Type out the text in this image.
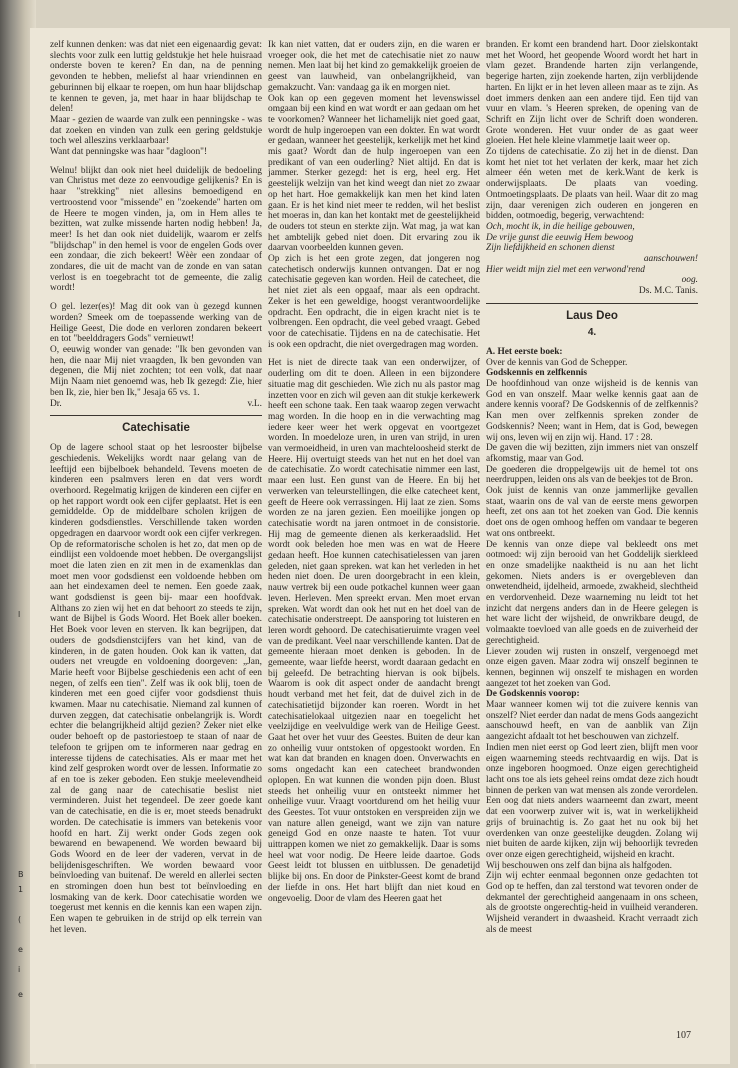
l
B
1
(
e
i
e

zelf kunnen denken: was dat niet een eigenaardig gevat: slechts voor zulk een luttig geldstukje het hele huisraad onderste boven te keren? En dan, na de penning gevonden te hebben, meliefst al haar vriendinnen en geburinnen bij elkaar te roepen, om hun haar blijdschap te kennen te geven, ja, met haar in haar blijdschap te delen!

Maar - gezien de waarde van zulk een penningske - was dat zoeken en vinden van zulk een gering geldstukje toch wel alleszins verklaarbaar!

Want dat penningske was haar "dagloon"!

Welnu! blijkt dan ook niet heel duidelijk de bedoeling van Christus met deze zo eenvoudige gelijkenis? En is haar "strekking" niet allesins bemoedigend en vertroostend voor "missende" en "zoekende" harten om de Heere te mogen vinden, ja, om in Hem alles te bezitten, wat zulke missende harten nodig hebben! Ja, meer! Is het dan ook niet duidelijk, waarom er zelfs "blijdschap" in den hemel is voor de engelen Gods over een zondaar, die zich bekeert! Wèèr een zondaar of zondares, die uit de macht van de zonde en van satan verlost is en toegebracht tot de gemeente, die zalig wordt!

O gel. lezer(es)! Mag dit ook van ù gezegd kunnen worden? Smeek om de toepassende werking van de Heilige Geest, Die dode en verloren zondaren bekeert en tot "beelddragers Gods" vernieuwt!

O, eeuwig wonder van genade: "Ik ben gevonden van hen, die naar Mij niet vraagden, Ik ben gevonden van degenen, die Mij niet zochten; tot een volk, dat naar Mijn Naam niet genoemd was, heb Ik gezegd: Zie, hier ben Ik, zie, hier ben Ik," Jesaja 65 vs. 1.

Dr.	v.L.
Catechisatie

Op de lagere school staat op het lesrooster bijbelse geschiedenis. Wekelijks wordt naar gelang van de leeftijd een bijbelboek behandeld. Tevens moeten de kinderen een psalmvers leren en dat vers wordt overhoord. Regelmatig krijgen de kinderen een cijfer en op het rapport wordt ook een cijfer geplaatst. Het is een gemiddelde. Op de middelbare scholen krijgen de kinderen godsdienstles. Verschillende taken worden opgedragen en daarvoor wordt ook een cijfer verkregen. Op de reformatorische scholen is het zo, dat men op de eindlijst een voldoende moet hebben. De overgangslijst moet die laten zien en zit men in de examenklas dan moet men voor godsdienst een voldoende hebben om aan het eindexamen deel te nemen. Een goede zaak, want godsdienst is geen bij- maar een hoofdvak. Althans zo zien wij het en dat behoort zo steeds te zijn, want de Bijbel is Gods Woord. Het Boek aller boeken. Het Boek voor leven en sterven. Ik kan begrijpen, dat ouders de godsdienstcijfers van het kind, van de kinderen, in de gaten houden. Ook kan ik vatten, dat ouders net vreugde en voldoening doorgeven: „Jan, Marie heeft voor Bijbelse geschiedenis een acht of een negen, of zelfs een tien". Zelf was ik ook blij, toen de kinderen met een goed cijfer voor godsdienst thuis kwamen. Maar nu catechisatie. Niemand zal kunnen of durven zeggen, dat catechisatie onbelangrijk is. Wordt echter die belangrijkheid altijd gezien? Zeker niet elke ouder behoeft op de pastoriestoep te staan of naar de telefoon te grijpen om te informeren naar gedrag en interesse tijdens de catechisaties. Als er maar met het kind zelf gesproken wordt over de lessen. Informatie zo af en toe is zeker geboden. Een stukje meelevendheid zal de gang naar de catechisatie beslist niet verminderen. Juist het tegendeel. De zeer goede kant van de catechisatie, en die is er, moet steeds benadrukt worden. De catechisatie is immers van betekenis voor hoofd en hart. Zij werkt onder Gods zegen ook bewarend en bewapenend. We worden bewaard bij Gods Woord en de leer der vaderen, vervat in de belijdenisgeschriften. We worden bewaard voor beïnvloeding van buitenaf. De wereld en allerlei secten en stromingen doen hun best tot beïnvloeding en losmaking van de kerk. Door catechisatie worden we toegerust met kennis en die kennis kan een wapen zijn. Een wapen te gebruiken in de strijd op elk terrein van het leven.

Ik kan niet vatten, dat er ouders zijn, en die waren er vroeger ook, die het met de catechisatie niet zo nauw nemen. Men laat bij het kind zo gemakkelijk groeien de geest van lauwheid, van onbelangrijkheid, van gemakzucht. Van: vandaag ga ik en morgen niet.

Ook kan op een gegeven moment het levenswissel omgaan bij een kind en wat wordt er aan gedaan om het te voorkomen? Wanneer het lichamelijk niet goed gaat, wordt de hulp ingeroepen van een dokter. En wat wordt er gedaan, wanneer het geestelijk, kerkelijk met het kind mis gaat? Wordt dan de hulp ingeroepen van een predikant of van een ouderling? Niet altijd. En dat is jammer. Sterker gezegd: het is erg, heel erg. Het geestelijk welzijn van het kind weegt dan niet zo zwaar op het hart. Hoe gemakkelijk kan men het kind laten gaan. Er is het kind niet meer te redden, wil het beslist het moeras in, dan kan het kontakt met de geestelijkheid de ouders tot steun en sterkte zijn. Wat mag, ja wat kan het ambtelijk gebed niet doen. Dit ervaring zou ik daarvan voorbeelden kunnen geven.

Op zich is het een grote zegen, dat jongeren nog catechetisch onderwijs kunnen ontvangen. Dat er nog catechisatie gegeven kan worden. Heil de catecheet, die het niet ziet als een opgaaf, maar als een opdracht. Zeker is het een geweldige, hoogst verantwoordelijke opdracht. Een opdracht, die in eigen kracht niet is te volbrengen. Een opdracht, die veel gebed vraagt. Gebed voor de catechisatie. Tijdens en na de catechisatie. Het is ook een opdracht, die niet overgedragen mag worden.

Het is niet de directe taak van een onderwijzer, of ouderling om dit te doen. Alleen in een bijzondere situatie mag dit geschieden. Wie zich nu als pastor mag inzetten voor en zich wil geven aan dit stukje kerkewerk heeft een schone taak. Een taak waarop zegen verwacht mag worden. In die hoop en in die verwachting mag iedere keer weer het werk opgevat en voortgezet worden. In moedeloze uren, in uren van strijd, in uren van vermoeidheid, in uren van machteloosheid sterkt de Heere. Hij overtuigt steeds van het nut en het doel van de catechisatie. Zo wordt catechisatie nimmer een last, maar een lust. Een gunst van de Heere. En bij het verwerken van teleurstellingen, die elke catecheet kent, geeft de Heere ook verrassingen. Hij laat ze zien. Soms worden ze na jaren gezien. Een moeilijke jongen op catechisatie wordt na jaren ontmoet in de consistorie. Hij mag de gemeente dienen als kerkeraadslid. Het wordt ook beleden hoe men was en wat de Heere gedaan heeft. Hoe kunnen catechisatielessen van jaren geleden, niet gaan spreken. wat kan het verleden in het heden niet doen. De uren doorgebracht in een klein, nauw vertrek bij een oude potkachel kunnen weer gaan leven. Herleven. Men spreekt ervan. Men moet ervan spreken. Wat wordt dan ook het nut en het doel van de catechisatie onderstreept. De aansporing tot luisteren en leren wordt gehoord. De catechisatieruimte vragen veel van de predikant. Veel naar verschillende kanten. Dat de gemeente hieraan moet denken is geboden. In de gemeente, waar liefde heerst, wordt daaraan gedacht en bij geleefd. De betrachting hiervan is ook bijbels. Waarom is ook dit aspect onder de aandacht brengt houdt verband met het feit, dat de duivel zich in de catechisatietijd bijzonder kan roeren. Wordt in het catechisatielokaal uitgezien naar en toegelicht het veelzijdige en veelvuldige werk van de Heilige Geest. Gaat het over het vuur des Geestes. Buiten de deur kan zo onheilig vuur ontstoken of opgestookt worden. En wat kan dat branden en knagen doen. Onverwachts en soms ongedacht kan een catecheet brandwonden oplopen. En wat kunnen die wonden pijn doen. Blust steeds het onheilig vuur en ontsteekt nimmer het onheilige vuur. Vraagt voortdurend om het heilig vuur des Geestes. Tot vuur ontstoken en verspreiden zijn we van nature allen geneigd, want we zijn van nature geneigd God en onze naaste te haten. Tot vuur uittrappen komen we niet zo gemakkelijk. Daar is soms heel wat voor nodig. De Heere leide daartoe. Gods Geest leidt tot blussen en uitblussen. De genadetijd blijke bij ons. En door de Pinkster-Geest komt de brand der liefde in ons. Het hart blijft dan niet koud en ongevoelig. Door de vlam des Heeren gaat het

branden. Er komt een brandend hart. Door zielskontakt met het Woord, het geopende Woord wordt het hart in vlam gezet. Brandende harten zijn verlangende, begerige harten, zijn zoekende harten, zijn verblijdende harten. En lijkt er in het leven alleen maar as te zijn. As doet immers denken aan een andere tijd. Een tijd van vuur en vlam. 's Heeren spreken, de opening van de Schrift en Zijn licht over de Schrift doen wonderen. Grote wonderen. Het vuur onder de as gaat weer gloeien. Het hele kleine vlammetje laait weer op.

Zo tijdens de catechisatie. Zo zij het in de dienst. Dan komt het niet tot het verlaten der kerk, maar het zich almeer één weten met de kerk.Want de kerk is onderwijsplaats. De plaats van voeding. Ontmoetingsplaats. De plaats van heil. Waar dit zo mag zijn, daar verenigen zich ouderen en jongeren en bidden, ootmoedig, begerig, verwachtend:

Och, mocht ik, in die heilige gebouwen,
De vrije gunst die eeuwig Hem bewoog
Zijn liefdijkheid en schonen dienst
aanschouwen!
Hier weidt mijn ziel met een verwond'rend
oog.

Ds. M.C. Tanis.

Laus Deo
4.

A. Het eerste boek:

Over de kennis van God de Schepper.

Godskennis en zelfkennis

De hoofdinhoud van onze wijsheid is de kennis van God en van onszelf. Maar welke kennis gaat aan de andere kennis vooraf? De Godskennis of de zelfkennis? Kan men over zelfkennis spreken zonder de Godskennis? Neen; want in Hem, dat is God, bewegen wij ons, leven wij en zijn wij. Hand. 17 : 28.

De gaven die wij bezitten, zijn immers niet van onszelf afkomstig, maar van God.

De goederen die droppelgewijs uit de hemel tot ons neerdruppen, leiden ons als van de beekjes tot de Bron.

Ook juist de kennis van onze jammerlijke gevallen staat, waarin ons de val van de eerste mens geworpen heeft, zet ons aan tot het zoeken van God. Die kennis doet ons de ogen omhoog heffen om vandaar te begeren wat ons ontbreekt.

De kennis van onze diepe val bekleedt ons met ootmoed: wij zijn berooid van het Goddelijk sierkleed en onze smadelijke naaktheid is nu aan het licht gekomen. Niets anders is er overgebleven dan onwetendheid, ijdelheid, armoede, zwakheid, slechtheid en verdorvenheid. Deze waarneming nu leidt tot het inzicht dat nergens anders dan in de Heere gelegen is het ware licht der wijsheid, de onwrikbare deugd, de volmaakte toevloed van alle goeds en de zuiverheid der gerechtigheid.

Liever zouden wij rusten in onszelf, vergenoegd met onze eigen gaven. Maar zodra wij onszelf beginnen te kennen, beginnen wij onszelf te mishagen en worden aangezet tot het zoeken van God.

De Godskennis voorop:

Maar wanneer komen wij tot die zuivere kennis van onszelf? Niet eerder dan nadat de mens Gods aangezicht aanschouwd heeft, en van de aanblik van Zijn aangezicht afdaalt tot het beschouwen van zichzelf.

Indien men niet eerst op God leert zien, blijft men voor eigen waarneming steeds rechtvaardig en wijs. Dat is onze ingeboren hoogmoed. Onze eigen gerechtigheid lacht ons toe als iets geheel reins omdat deze zich houdt binnen de perken van wat mensen als zonde verordelen. Een oog dat niets anders waarneemt dan zwart, meent dat een voorwerp zuiver wit is, wat in werkelijkheid grijs of bruinachtig is. Zo gaat het nu ook bij het overdenken van onze geestelijke deugden. Zolang wij niet buiten de aarde kijken, zijn wij behoorlijk tevreden over onze eigen gerechtigheid, wijsheid en kracht.

Wij beschouwen ons zelf dan bijna als halfgoden.

Zijn wij echter eenmaal begonnen onze gedachten tot God op te heffen, dan zal terstond wat tevoren onder de dekmantel der gerechtigheid aangenaam in ons scheen, als de grootste ongerechtig-heid in vuilheid veranderen. Wijsheid verandert in dwaasheid. Kracht verraadt zich als de meest

107
